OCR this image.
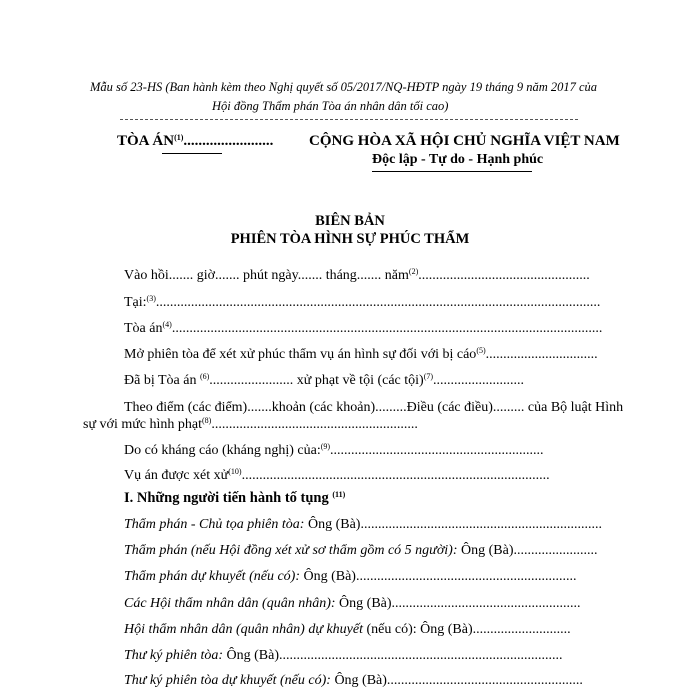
Mẫu số 23-HS (Ban hành kèm theo Nghị quyết số 05/2017/NQ-HĐTP ngày 19 tháng 9 năm 2017 của
Hội đồng Thẩm phán Tòa án nhân dân tối cao)
TÒA ÁN$^{(1)}$........................ CỘNG HÒA XÃ HỘI CHỦ NGHĨA VIỆT NAM
Độc lập - Tự do - Hạnh phúc
BIÊN BẢN
PHIÊN TÒA HÌNH SỰ PHÚC THẨM
Vào hồi....... giờ....... phút ngày....... tháng....... năm$^{(2)}$.................................................
Tại:$^{(3)}$...............................................................................................................................
Tòa $án^{(4)}$...........................................................................................................................
Mở phiên tòa để xét xử phúc thẩm vụ án hình sự đối với bị cáo$^{(5)}$................................
Đã bị Tòa án $^{(6)}$........................ xử phạt về tội (các tội)$^{(7)}$..........................
Theo điểm (các điểm).......khoản (các khoản).........Điều (các điều)......... của Bộ luật Hình
sự với mức hình phạt$^{(8)}$...........................................................
Do có kháng cáo (kháng nghị) của:$^{(9)}$.............................................................
Vụ án được xét xử$^{(10)}$........................................................................................
I. Những người tiến hành tố tụng $^{(11)}$
Thẩm phán - Chủ tọa phiên tòa: Ông (Bà).....................................................................
Thẩm phán (nếu Hội đồng xét xử sơ thẩm gồm có 5 người): Ông (Bà)........................
Thẩm phán dự khuyết (nếu có): Ông (Bà)...............................................................
Các Hội thẩm nhân dân (quân nhân): Ông (Bà)......................................................
Hội thẩm nhân dân (quân nhân) dự khuyết (nếu có): Ông (Bà)............................
Thư ký phiên tòa: Ông (Bà).................................................................................
Thư ký phiên tòa dự khuyết (nếu có): Ông (Bà)........................................................
